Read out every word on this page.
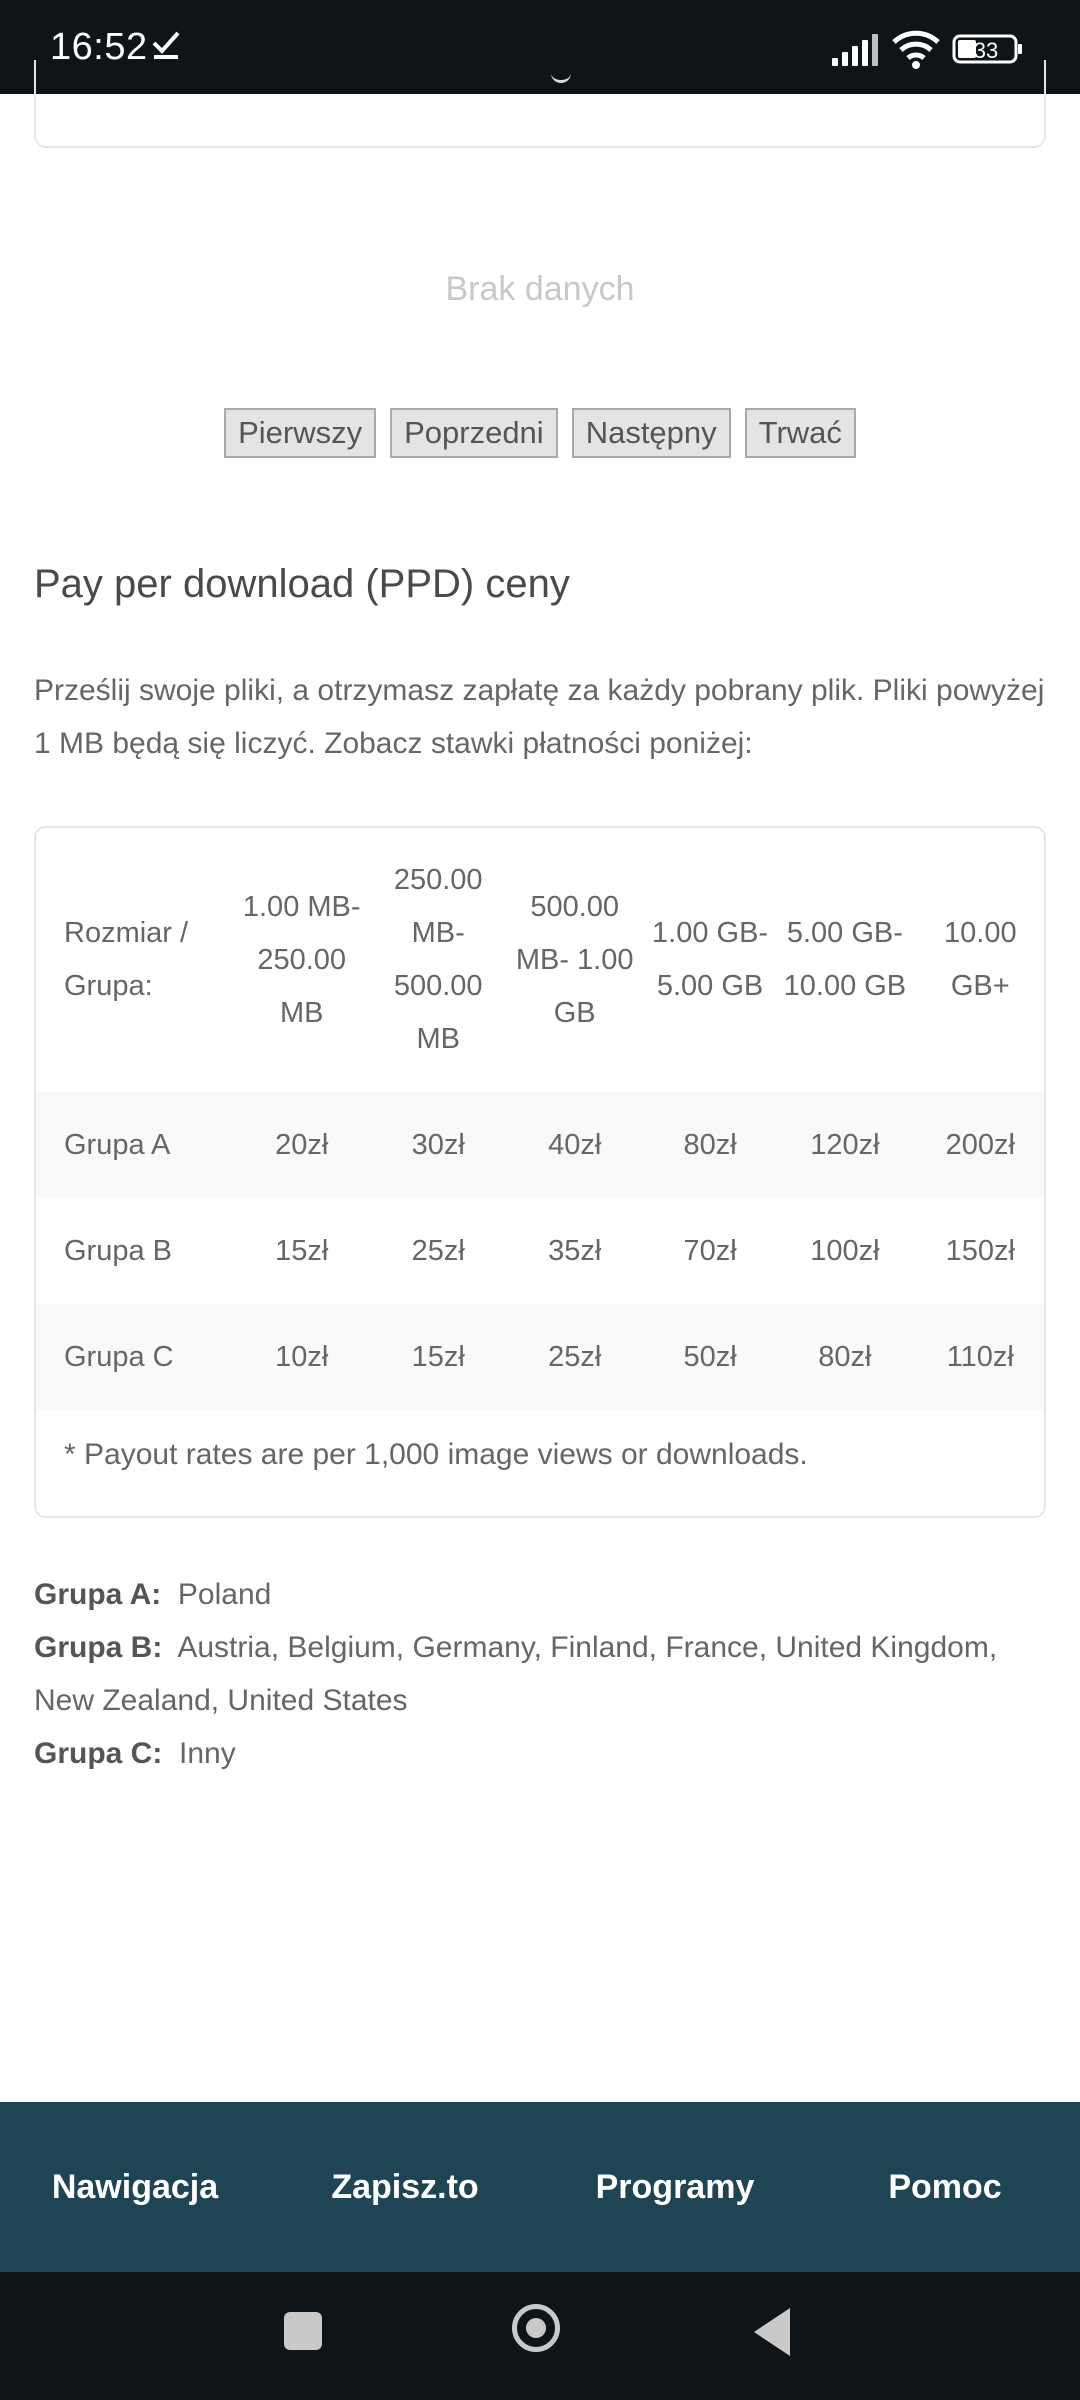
16:52	33
Brak danych
Pierwszy	Poprzedni	Następny	Trwać
Pay per download (PPD) ceny
Prześlij swoje pliki, a otrzymasz zapłatę za każdy pobrany plik. Pliki powyżej 1 MB będą się liczyć. Zobacz stawki płatności poniżej:
Rozmiar / Grupa:	1.00 MB- 250.00 MB	250.00 MB- 500.00 MB	500.00 MB- 1.00 GB	1.00 GB- 5.00 GB	5.00 GB- 10.00 GB	10.00 GB+
Grupa A	20zł	30zł	40zł	80zł	120zł	200zł
Grupa B	15zł	25zł	35zł	70zł	100zł	150zł
Grupa C	10zł	15zł	25zł	50zł	80zł	110zł
* Payout rates are per 1,000 image views or downloads.
Grupa A: Poland
Grupa B: Austria, Belgium, Germany, Finland, France, United Kingdom, New Zealand, United States
Grupa C: Inny
Nawigacja	Zapisz.to	Programy	Pomoc
